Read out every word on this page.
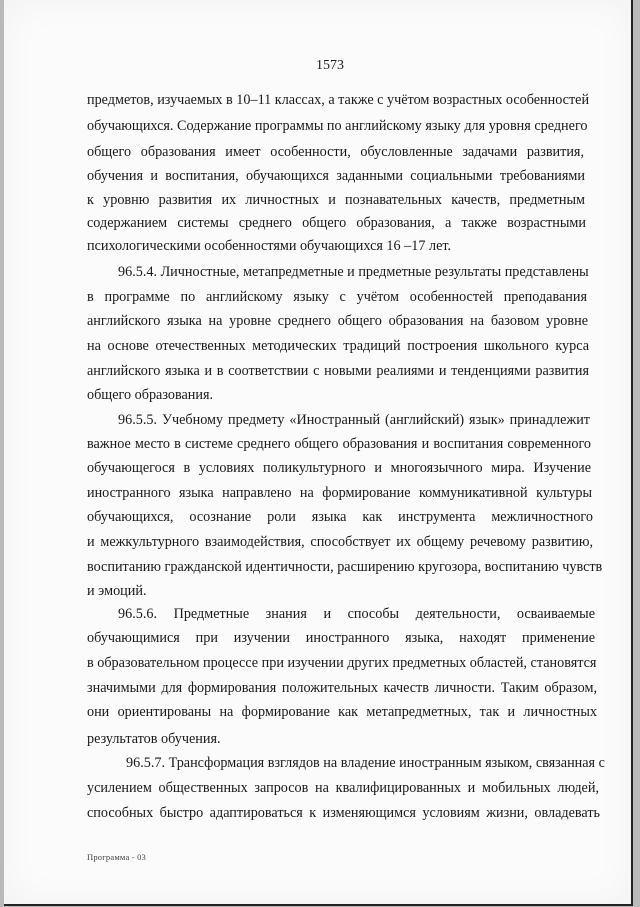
1573
предметов, изучаемых в 10–11 классах, а также с учётом возрастных особенностей
обучающихся. Содержание программы по английскому языку для уровня среднего
общего образования имеет особенности, обусловленные задачами развития,
обучения и воспитания, обучающихся заданными социальными требованиями
к уровню развития их личностных и познавательных качеств, предметным
содержанием системы среднего общего образования, а также возрастными
психологическими особенностями обучающихся 16 –17 лет.
96.5.4. Личностные, метапредметные и предметные результаты представлены
в программе по английскому языку с учётом особенностей преподавания
английского языка на уровне среднего общего образования на базовом уровне
на основе отечественных методических традиций построения школьного курса
английского языка и в соответствии с новыми реалиями и тенденциями развития
общего образования.
96.5.5. Учебному предмету «Иностранный (английский) язык» принадлежит
важное место в системе среднего общего образования и воспитания современного
обучающегося в условиях поликультурного и многоязычного мира. Изучение
иностранного языка направлено на формирование коммуникативной культуры
обучающихся, осознание роли языка как инструмента межличностного
и межкультурного взаимодействия, способствует их общему речевому развитию,
воспитанию гражданской идентичности, расширению кругозора, воспитанию чувств
и эмоций.
96.5.6. Предметные знания и способы деятельности, осваиваемые
обучающимися при изучении иностранного языка, находят применение
в образовательном процессе при изучении других предметных областей, становятся
значимыми для формирования положительных качеств личности. Таким образом,
они ориентированы на формирование как метапредметных, так и личностных
результатов обучения.
96.5.7. Трансформация взглядов на владение иностранным языком, связанная с
усилением общественных запросов на квалифицированных и мобильных людей,
способных быстро адаптироваться к изменяющимся условиям жизни, овладевать
Программа - 03
